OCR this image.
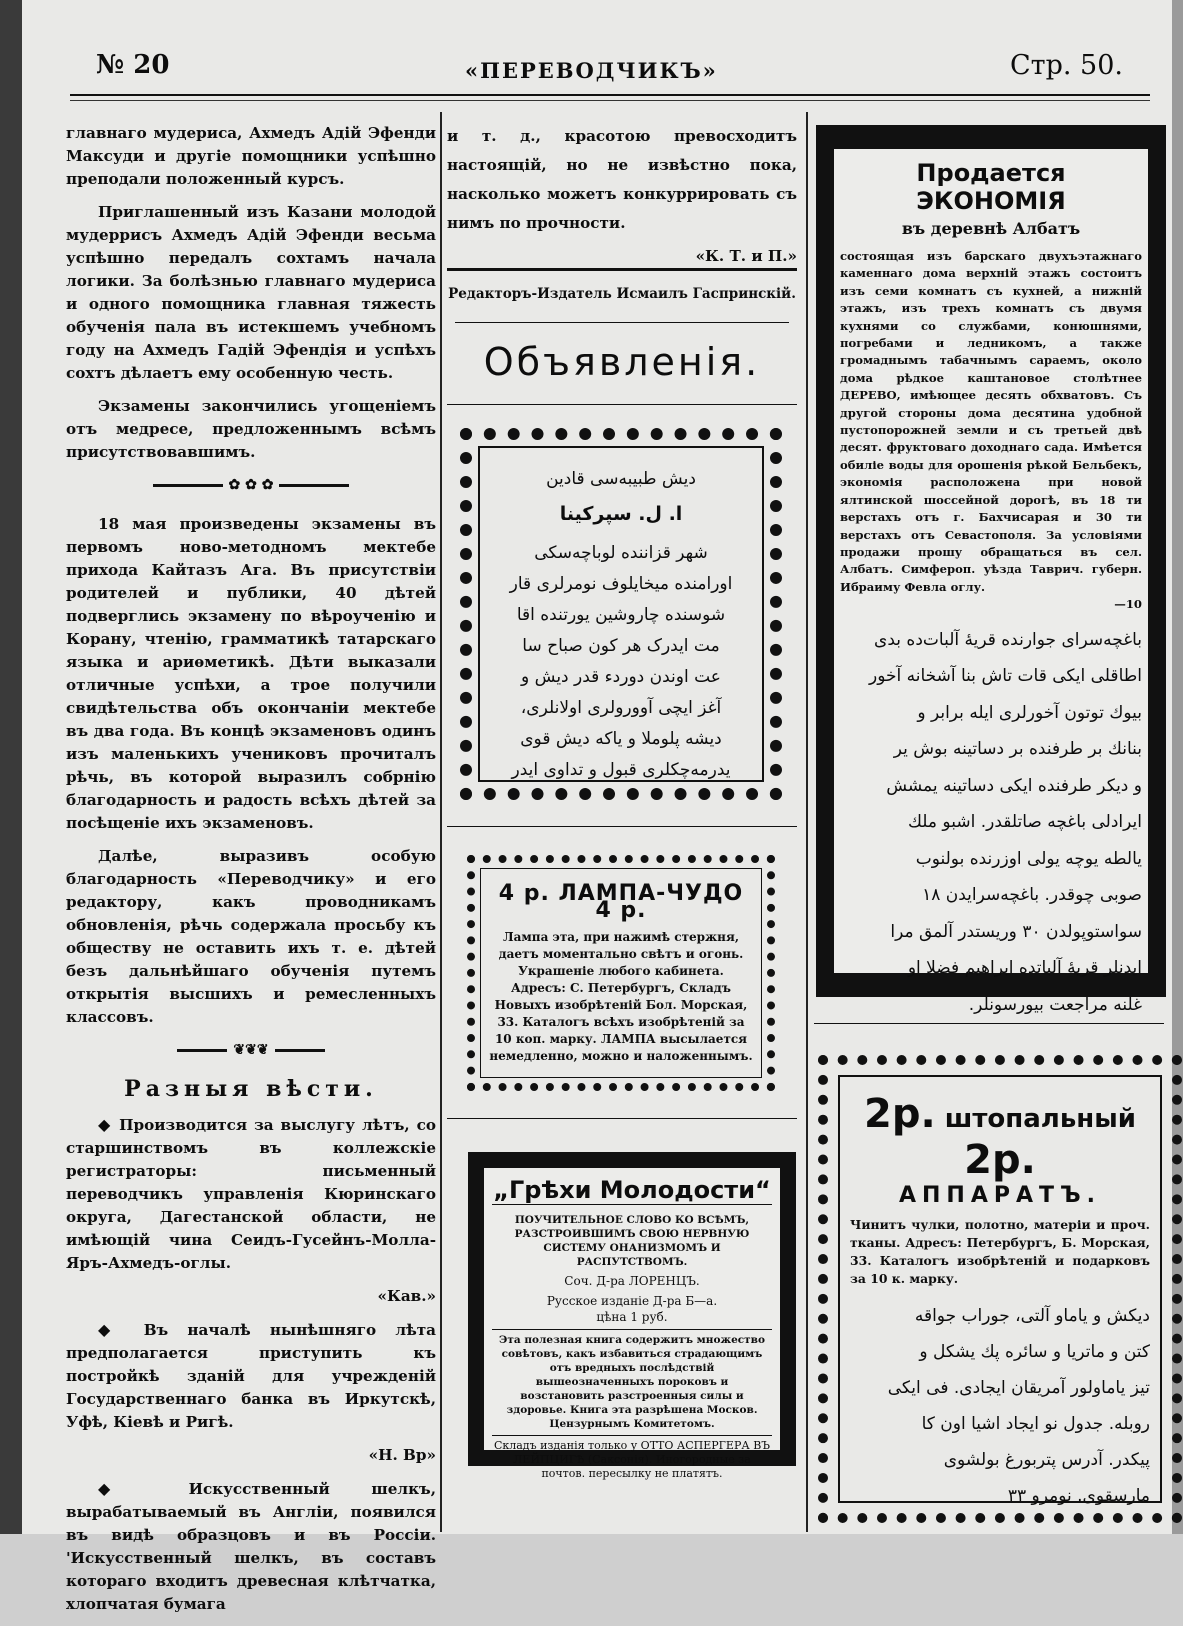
№ 20	«ПЕРЕВОДЧИКЪ»	Стр. 50.

главнаго мудериса, Ахмедъ Адій Эфенди Максуди и другіе помощники успѣшно преподали положенный курсъ.

Приглашенный изъ Казани молодой мудеррисъ Ахмедъ Адій Эфенди весьма успѣшно передалъ сохтамъ начала логики. За болѣзнью главнаго мудериса и одного помощника главная тяжесть обученія пала въ истекшемъ учебномъ году на Ахмедъ Гадій Эфендія и успѣхъ сохтъ дѣлаетъ ему особенную честь.

Экзамены закончились угощеніемъ отъ медресе, предложеннымъ всѣмъ присутствовавшимъ.

✿ ✿ ✿

18 мая произведены экзамены въ первомъ ново-методномъ мектебе прихода Кайтазъ Ага. Въ присутствіи родителей и публики, 40 дѣтей подверглись экзамену по вѣроученію и Корану, чтенію, грамматикѣ татарскаго языка и ариѳметикѣ. Дѣти выказали отличные успѣхи, а трое получили свидѣтельства объ окончаніи мектебе въ два года. Въ концѣ экзаменовъ одинъ изъ маленькихъ учениковъ прочиталъ рѣчь, въ которой выразилъ собрнію благодарность и радость всѣхъ дѣтей за посѣщеніе ихъ экзаменовъ.

Далѣе, выразивъ особую благодарность «Переводчику» и его редактору, какъ проводникамъ обновленія, рѣчь содержала просьбу къ обществу не оставить ихъ т. е. дѣтей безъ дальнѣйшаго обученія путемъ открытія высшихъ и ремесленныхъ классовъ.

❦❦❦
Разныя вѣсти.

◆ Производится за выслугу лѣтъ, со старшинствомъ въ коллежскіе регистраторы: письменный переводчикъ управленія Кюринскаго округа, Дагестанской области, не имѣющій чина Сеидъ-Гусейнъ-Молла-Яръ-Ахмедъ-оглы.

«Кав.»

◆ Въ началѣ нынѣшняго лѣта предполагается приступить къ постройкѣ зданій для учрежденій Государственнаго банка въ Иркутскѣ, Уфѣ, Кіевѣ и Ригѣ.

«Н. Вр»

◆ Искусственный шелкъ, вырабатываемый въ Англіи, появился въ видѣ образцовъ и въ Россіи. 'Искусственный шелкъ, въ составъ котораго входитъ древесная клѣтчатка, хлопчатая бумага

и т. д., красотою превосходитъ настоящій, но не извѣстно пока, насколько можетъ конкуррировать съ нимъ по прочности.
«К. Т. и П.»
Редакторъ-Издатель Исмаилъ Гаспринскій.
Объявленія.
دیش طبیبه‌سی قادین
ا. ل. سپرکینا
شهر قزاننده لوباچه‌سکی
اورامنده میخایلوف نومرلری قار
شوسنده چاروشین یورتنده اقا
مت ایدرک هر کون صباح سا
عت اوندن دوردء قدر دیش و
آغز ایچی آوورولری اولانلری،
دیشه پلوملا و یاکه دیش قوی
یدرمه‌چکلری قبول و تداوی ایدر
4 р. ЛАМПА-ЧУДО 4 р.
Лампа эта, при нажимѣ стержня, даетъ моментально свѣтъ и огонь. Украшеніе любого кабинета. Адресъ: С. Петербургъ, Складъ Новыхъ изобрѣтеній Бол. Морская, 33. Каталогъ всѣхъ изобрѣтеній за 10 коп. марку. ЛАМПА высылается немедленно, можно и наложеннымъ.
„Грѣхи Молодости“

ПОУЧИТЕЛЬНОЕ СЛОВО КО ВСѢМЪ, РАЗСТРОИВШИМЪ СВОЮ НЕРВНУЮ СИСТЕМУ ОНАНИЗМОМЪ И РАСПУТСТВОМЪ.

Соч. Д-ра ЛОРЕНЦЪ.

Русское изданіе Д-ра Б—а.

цѣна 1 руб.

Эта полезная книга содержитъ множество совѣтовъ, какъ избавиться страдающимъ отъ вредныхъ послѣдствій вышеозначенныхъ пороковъ и возстановить разстроенныя силы и здоровье. Книга эта разрѣшена Москов. Цензурнымъ Комитетомъ.

Складъ изданія только у ОТТО АСПЕРГЕРА ВЪ ЛЕЙПЦИГѢ (Саксонія). Иногородные за почтов. пересылку не платятъ.

Продается ЭКОНОМІЯ
въ деревнѣ Албатъ
состоящая изъ барскаго двухъэтажнаго каменнаго дома верхній этажъ состоитъ изъ семи комнатъ съ кухней, а нижній этажъ, изъ трехъ комнатъ съ двумя кухнями со службами, конюшнями, погребами и ледникомъ, а также громаднымъ табачнымъ сараемъ, около дома рѣдкое каштановое столѣтнее ДЕРЕВО, имѣющее десять обхватовъ. Съ другой стороны дома десятина удобной пустопорожней земли и съ третьей двѣ десят. фруктоваго доходнаго сада. Имѣется обиліе воды для орошенія рѣкой Бельбекъ, экономія расположена при новой ялтинской шоссейной дорогѣ, въ 18 ти верстахъ отъ г. Бахчисарая и 30 ти верстахъ отъ Севастополя. За условіями продажи прошу обращаться въ сел. Албатъ. Симфероп. уѣзда Таврич. губерн. Ибраиму Февла оглу.
—10
باغچه‌سرای جوارنده قریهٔ آلبات‌ده بدی
اطاقلی ایکی قات تاش بنا آشخانه آخور
بیوك توتون آخورلری ایله برابر و
بنانك بر طرفنده بر دساتینه بوش یر
و دیکر طرفنده ایکی دساتینه یمشش
ایرادلی باغچه صاتلقدر. اشبو ملك
یالطه یوچه یولی اوزرنده بولنوب
صوبی چوقدر. باغچه‌سرایدن ۱۸
سواستوپولدن ۳۰ وریستدر آلمق مرا
ایدنلر قریهٔ آلباتده ابراهیم فضلا او
غلنه مراجعت بیورسونلر.
2р. штопальный 2р.
АППАРАТЪ.
Чинитъ чулки, полотно, матеріи и проч. тканы. Адресъ: Петербургъ, Б. Морская, 33. Каталогъ изобрѣтеній и подарковъ за 10 к. марку.
دیکش و یاماو آلتی، جوراب جواقه
کتن و ماتریا و سائره پك یشکل و
تیز یاماولور آمریقان ایجادی. فی ایکی
روبله. جدول نو ایجاد اشیا اون کا
پیکدر. آدرس پتربورغ بولشوی
مارسقوی. نومرو ۳۳
